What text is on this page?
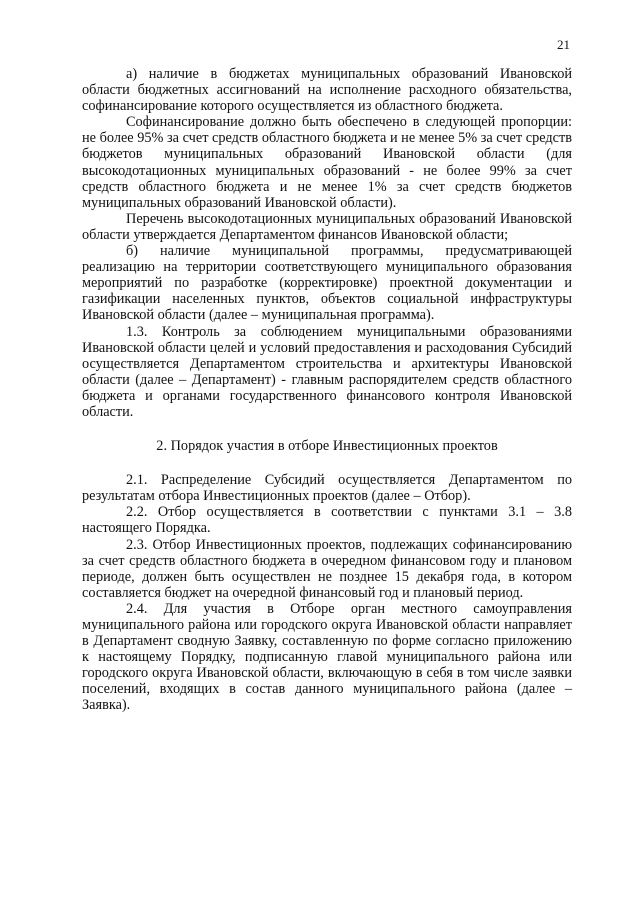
21

а) наличие в бюджетах муниципальных образований Ивановской области бюджетных ассигнований на исполнение расходного обязательства, софинансирование которого осуществляется из областного бюджета.

Софинансирование должно быть обеспечено в следующей пропорции: не более 95% за счет средств областного бюджета и не менее 5% за счет средств бюджетов муниципальных образований Ивановской области (для высокодотационных муниципальных образований - не более 99% за счет средств областного бюджета и не менее 1% за счет средств бюджетов муниципальных образований Ивановской области).

Перечень высокодотационных муниципальных образований Ивановской области утверждается Департаментом финансов Ивановской области;

б) наличие муниципальной программы, предусматривающей реализацию на территории соответствующего муниципального образования мероприятий по разработке (корректировке) проектной документации и газификации населенных пунктов, объектов социальной инфраструктуры Ивановской области (далее – муниципальная программа).

1.3. Контроль за соблюдением муниципальными образованиями Ивановской области целей и условий предоставления и расходования Субсидий осуществляется Департаментом строительства и архитектуры Ивановской области (далее – Департамент) - главным распорядителем средств областного бюджета и органами государственного финансового контроля Ивановской области.

2. Порядок участия в отборе Инвестиционных проектов

2.1. Распределение Субсидий осуществляется Департаментом по результатам отбора Инвестиционных проектов (далее – Отбор).

2.2. Отбор осуществляется в соответствии с пунктами 3.1 – 3.8 настоящего Порядка.

2.3. Отбор Инвестиционных проектов, подлежащих софинансированию за счет средств областного бюджета в очередном финансовом году и плановом периоде, должен быть осуществлен не позднее 15 декабря года, в котором составляется бюджет на очередной финансовый год и плановый период.

2.4. Для участия в Отборе орган местного самоуправления муниципального района или городского округа Ивановской области направляет в Департамент сводную Заявку, составленную по форме согласно приложению к настоящему Порядку, подписанную главой муниципального района или городского округа Ивановской области, включающую в себя в том числе заявки поселений, входящих в состав данного муниципального района (далее – Заявка).
